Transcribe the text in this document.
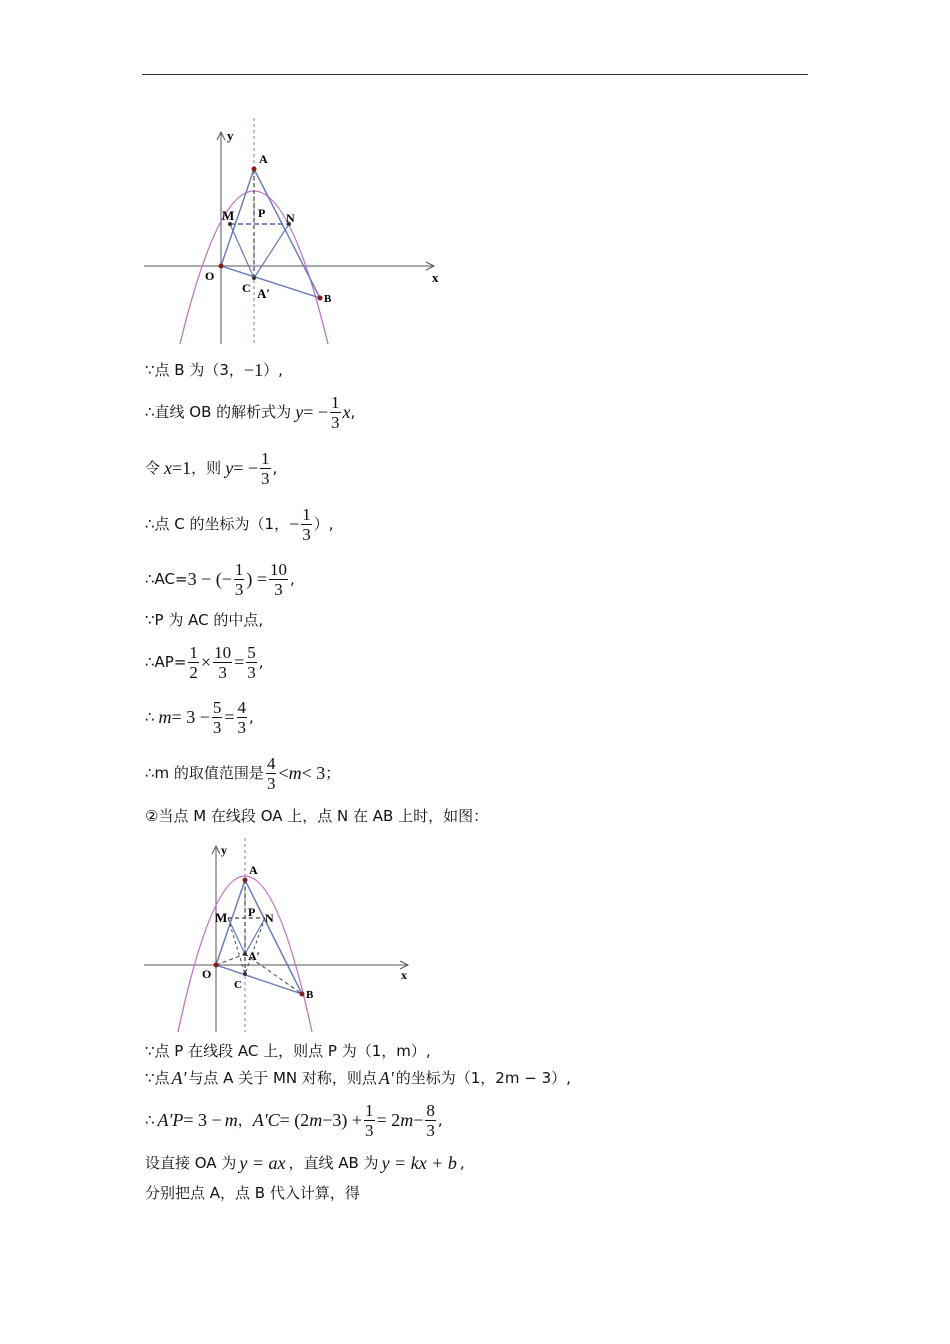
y
x
A
M P N
O
C A′	B
∵点 B 为（3， −1 ）,
∴直线 OB 的解析式为 y = − $\frac{1}{3}$ x ,
令 x =1 ，则 y = − $\frac{1}{3}$ ,
∴点 C 的坐标为（1， − $\frac{1}{3}$ ）,
∴AC= 3 − (− $\frac{1}{3}$ ) = $\frac{10}{3}$ ,
∵P 为 AC 的中点,
∴AP= $\frac{1}{2} \times \frac{10}{3} = \frac{5}{3}$ ,
∴ $m = 3 - \frac{5}{3} = \frac{4}{3}$ ,
∴m 的取值范围是 $\frac{4}{3} < m < 3$ ；
②当点 M 在线段 OA 上，点 N 在 AB 上时，如图：
y
x
A
M P N
A′
O
C
B
∵点 P 在线段 AC 上，则点 P 为（1，m）,
∵点 A' 与点 A 关于 MN 对称，则点 A' 的坐标为（1，2m − 3）,
∴ A'P = 3 − m ， A'C = (2 $m -3) + \frac{1}{3} = 2$ $m - \frac{8}{3}$ ,
设直接 OA 为 y = ax ，直线 AB 为 y = kx + b ,
分别把点 A，点 B 代入计算，得
